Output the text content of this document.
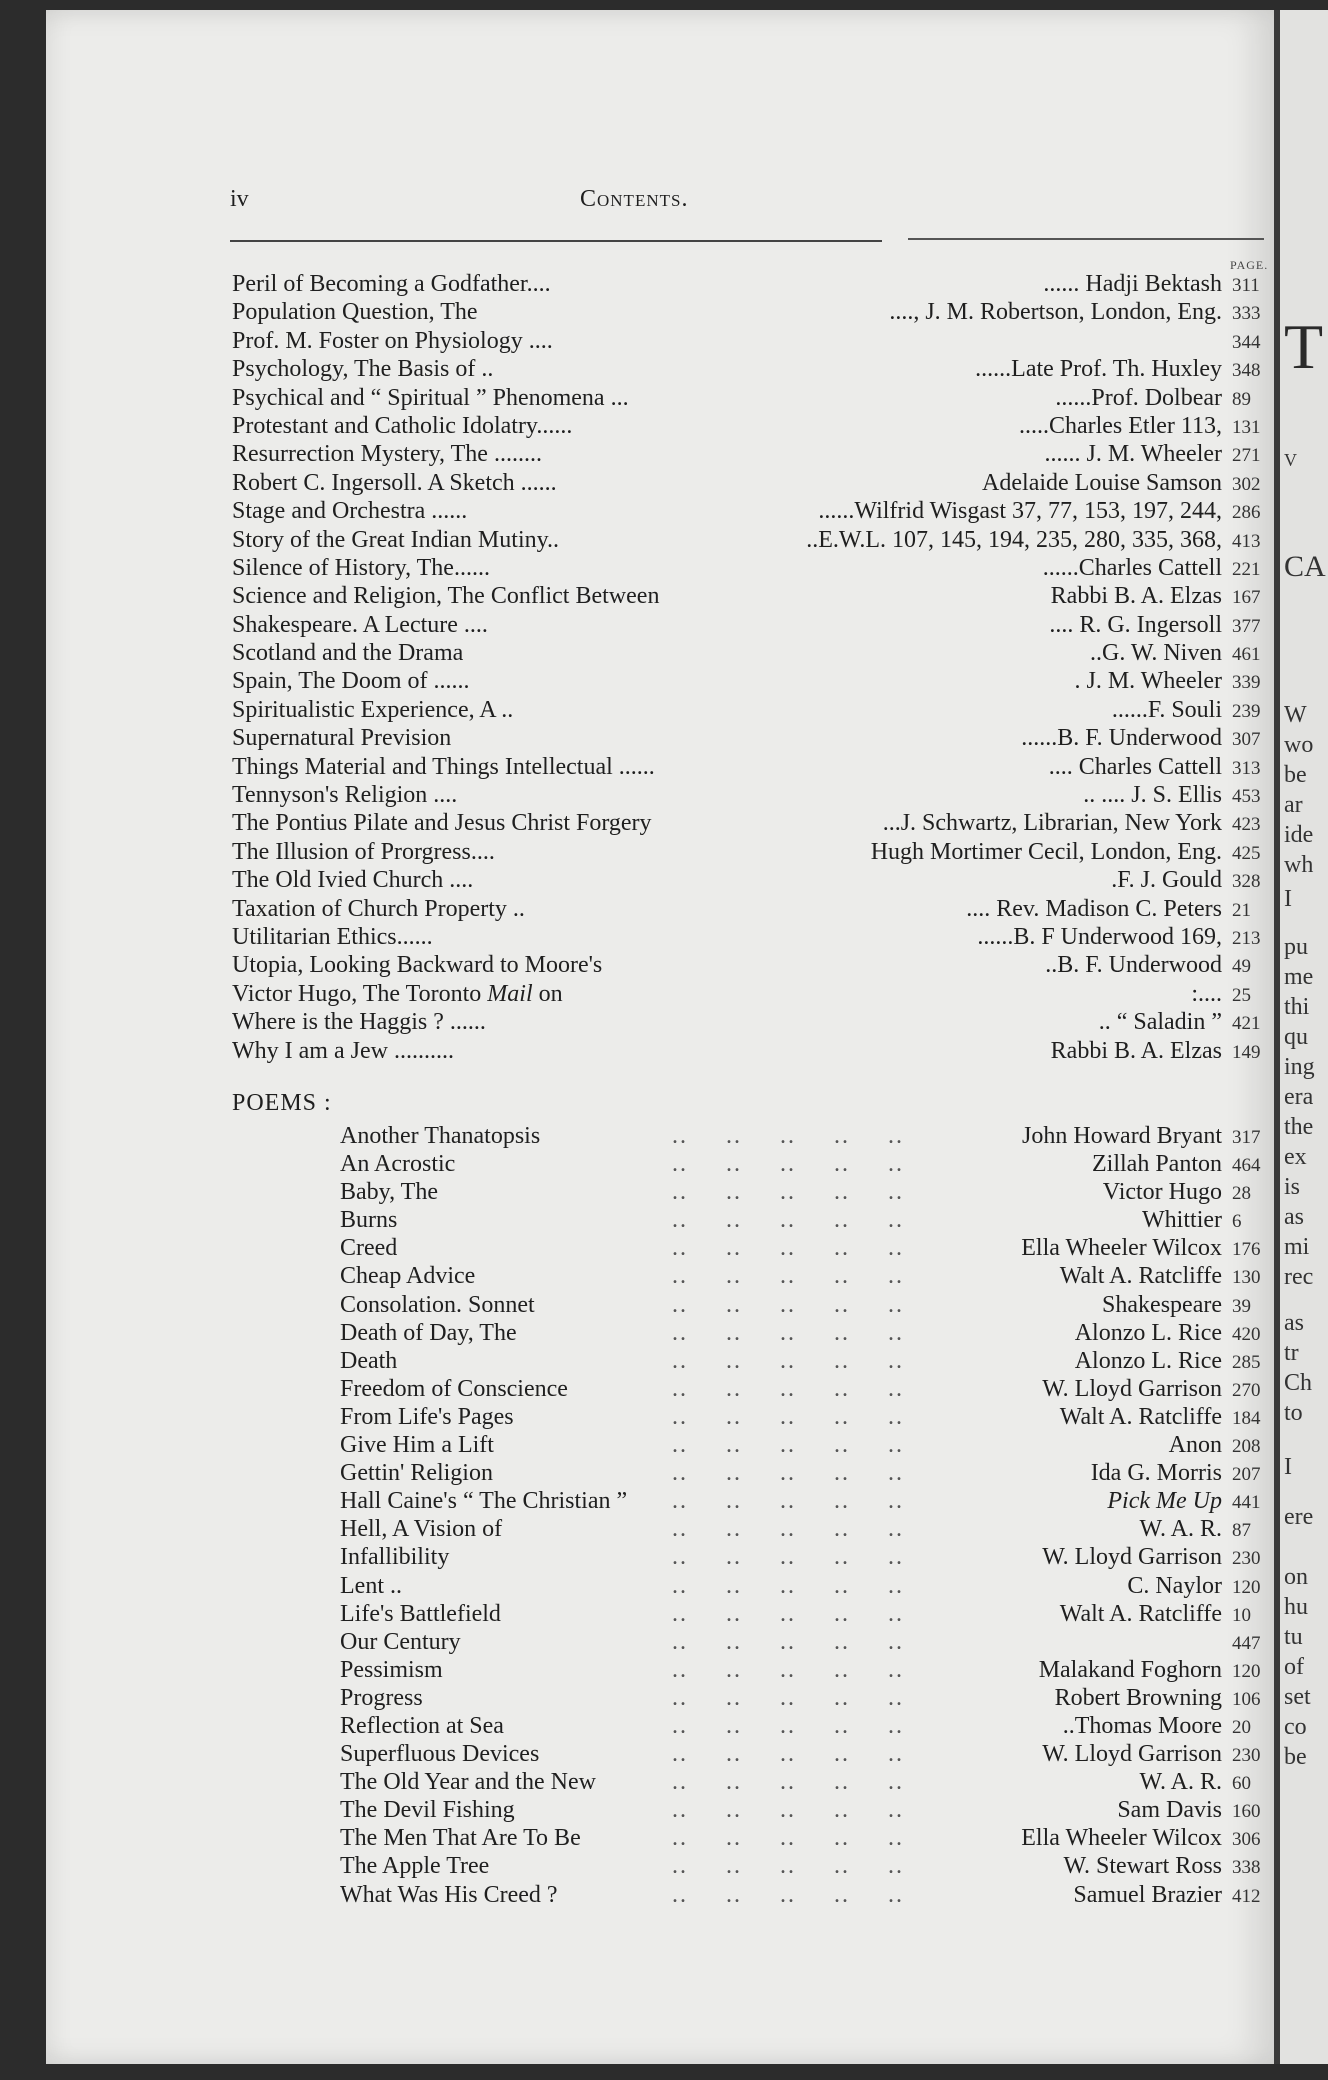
T
V
CA
W
wo
be
ar
ide
wh
I
pu
me
thi
qu
ing
era
the
ex
is
as
mi
rec
as
tr
Ch
to
I
ere
on
hu
tu
of
set
co
be
iv	Contents.
PAGE.
Peril of Becoming a Godfather....	...... Hadji Bektash 311
Population Question, The	...., J. M. Robertson, London, Eng. 333
Prof. M. Foster on Physiology ....	344
Psychology, The Basis of ..	......Late Prof. Th. Huxley 348
Psychical and “ Spiritual ” Phenomena ...	......Prof. Dolbear 89
Protestant and Catholic Idolatry......	.....Charles Etler 113, 131
Resurrection Mystery, The ........	...... J. M. Wheeler 271
Robert C. Ingersoll. A Sketch ......	Adelaide Louise Samson 302
Stage and Orchestra ......	......Wilfrid Wisgast 37, 77, 153, 197, 244, 286
Story of the Great Indian Mutiny..	..E.W.L. 107, 145, 194, 235, 280, 335, 368, 413
Silence of History, The......	......Charles Cattell 221
Science and Religion, The Conflict Between	Rabbi B. A. Elzas 167
Shakespeare. A Lecture ....	.... R. G. Ingersoll 377
Scotland and the Drama	..G. W. Niven 461
Spain, The Doom of ......	. J. M. Wheeler 339
Spiritualistic Experience, A ..	......F. Souli 239
Supernatural Prevision	......B. F. Underwood 307
Things Material and Things Intellectual ......	.... Charles Cattell 313
Tennyson's Religion ....	.. .... J. S. Ellis 453
The Pontius Pilate and Jesus Christ Forgery	...J. Schwartz, Librarian, New York 423
The Illusion of Prorgress....	Hugh Mortimer Cecil, London, Eng. 425
The Old Ivied Church ....	.F. J. Gould 328
Taxation of Church Property ..	.... Rev. Madison C. Peters 21
Utilitarian Ethics......	......B. F Underwood 169, 213
Utopia, Looking Backward to Moore's	..B. F. Underwood 49
Victor Hugo, The Toronto Mail on	:.... 25
Where is the Haggis ? ......	.. “ Saladin ” 421
Why I am a Jew ..........	Rabbi B. A. Elzas 149
POEMS :
Another Thanatopsis	.. .. .. .. ..	John Howard Bryant 317
An Acrostic	.. .. .. .. ..	Zillah Panton 464
Baby, The	.. .. .. .. ..	Victor Hugo 28
Burns	.. .. .. .. ..	Whittier 6
Creed	.. .. .. .. ..	Ella Wheeler Wilcox 176
Cheap Advice	.. .. .. .. ..	Walt A. Ratcliffe 130
Consolation. Sonnet	.. .. .. .. ..	Shakespeare 39
Death of Day, The	.. .. .. .. ..	Alonzo L. Rice 420
Death	.. .. .. .. ..	Alonzo L. Rice 285
Freedom of Conscience	.. .. .. .. ..	W. Lloyd Garrison 270
From Life's Pages	.. .. .. .. ..	Walt A. Ratcliffe 184
Give Him a Lift	.. .. .. .. ..	Anon 208
Gettin' Religion	.. .. .. .. ..	Ida G. Morris 207
Hall Caine's “ The Christian ” .. .. .. .. ..	Pick Me Up 441
Hell, A Vision of	.. .. .. .. ..	W. A. R. 87
Infallibility	.. .. .. .. ..	W. Lloyd Garrison 230
Lent ..	.. .. .. .. ..	C. Naylor 120
Life's Battlefield	.. .. .. .. ..	Walt A. Ratcliffe 10
Our Century	.. .. .. .. ..	447
Pessimism	.. .. .. .. ..	Malakand Foghorn 120
Progress	.. .. .. .. ..	Robert Browning 106
Reflection at Sea	.. .. .. .. ..	..Thomas Moore 20
Superfluous Devices	.. .. .. .. ..	W. Lloyd Garrison 230
The Old Year and the New	.. .. .. .. ..	W. A. R. 60
The Devil Fishing	.. .. .. .. ..	Sam Davis 160
The Men That Are To Be	.. .. .. .. ..	Ella Wheeler Wilcox 306
The Apple Tree	.. .. .. .. ..	W. Stewart Ross 338
What Was His Creed ?	.. .. .. .. ..	Samuel Brazier 412
